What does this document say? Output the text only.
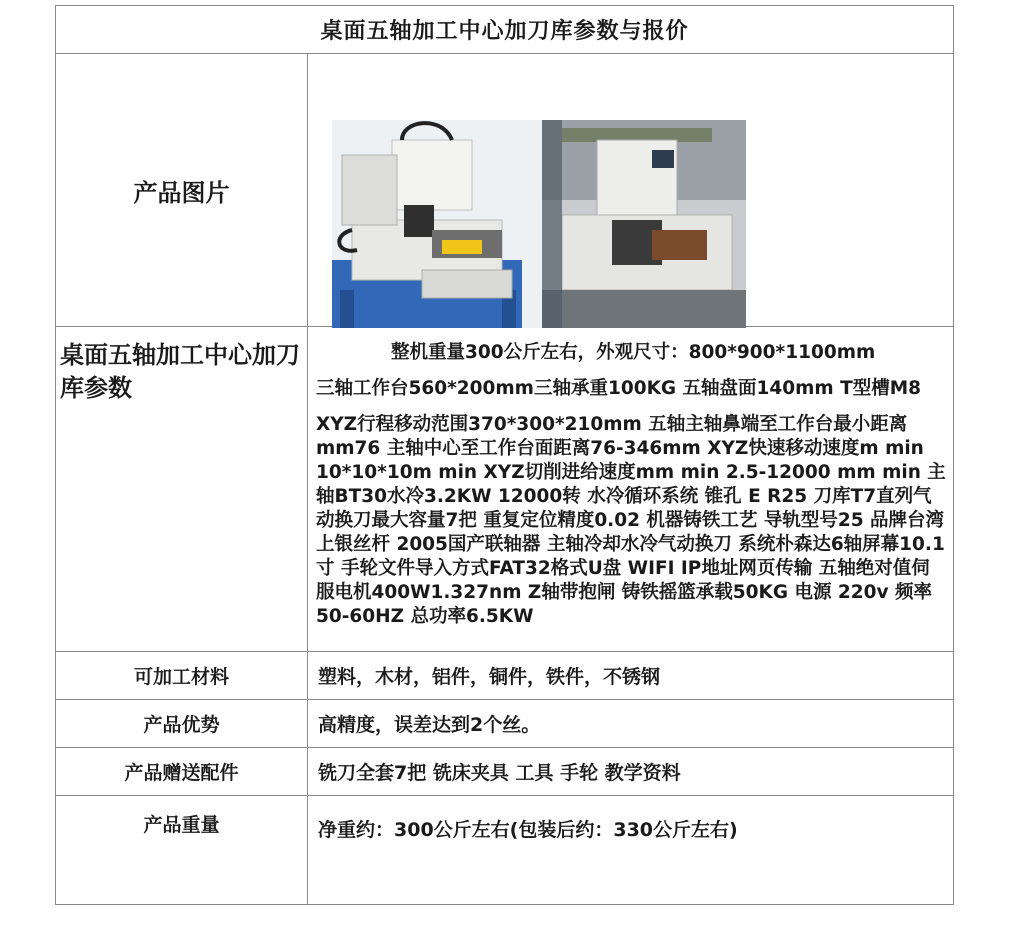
桌面五轴加工中心加刀库参数与报价	
产品图片	

桌面五轴加工中心加刀库参数	整机重量300公斤左右，外观尺寸：800*900*1100mm

三轴工作台560*200mm三轴承重100KG 五轴盘面140mm T型槽M8

XYZ行程移动范围370*300*210mm 五轴主轴鼻端至工作台最小距离mm76 主轴中心至工作台面距离76-346mm XYZ快速移动速度m min 10*10*10m min XYZ切削进给速度mm min 2.5-12000 mm min 主轴BT30水冷3.2KW 12000转 水冷循环系统 锥孔 E R25 刀库T7直列气动换刀最大容量7把 重复定位精度0.02 机器铸铁工艺 导轨型号25 品牌台湾上银丝杆 2005国产联轴器 主轴冷却水冷气动换刀 系统朴森达6轴屏幕10.1寸 手轮文件导入方式FAT32格式U盘 WIFI IP地址网页传输 五轴绝对值伺服电机400W1.327nm Z轴带抱闸 铸铁摇篮承载50KG 电源 220v 频率 50-60HZ 总功率6.5KW

可加工材料	塑料，木材，铝件，铜件，铁件，不锈钢
产品优势	高精度，误差达到2个丝。
产品赠送配件	铣刀全套7把 铣床夹具 工具 手轮 教学资料
产品重量	净重约：300公斤左右(包装后约：330公斤左右)
